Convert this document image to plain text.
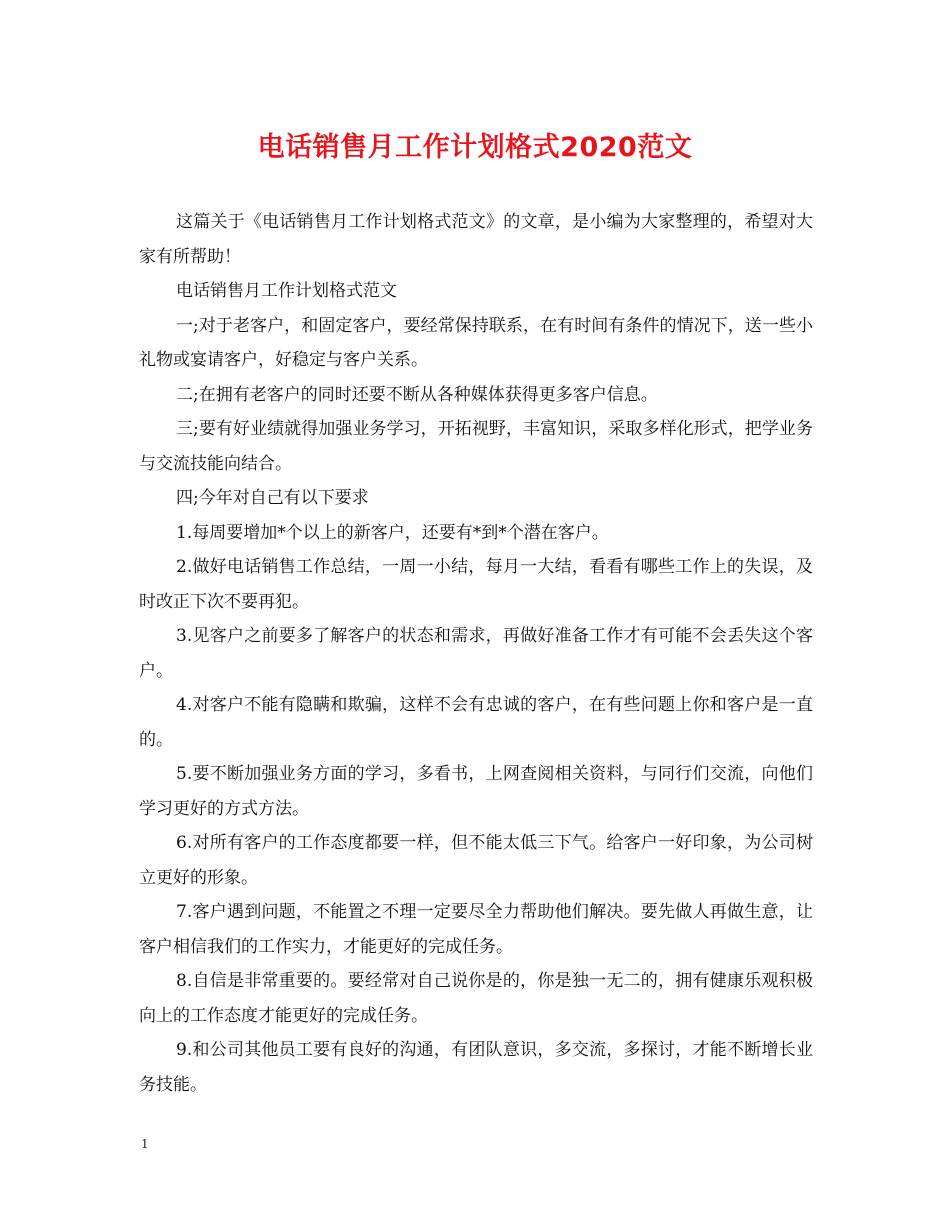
电话销售月工作计划格式2020范文

这篇关于《电话销售月工作计划格式范文》的文章，是小编为大家整理的，希望对大家有所帮助！

电话销售月工作计划格式范文

一;对于老客户，和固定客户，要经常保持联系，在有时间有条件的情况下，送一些小礼物或宴请客户，好稳定与客户关系。

二;在拥有老客户的同时还要不断从各种媒体获得更多客户信息。

三;要有好业绩就得加强业务学习，开拓视野，丰富知识，采取多样化形式，把学业务与交流技能向结合。

四;今年对自己有以下要求

1.每周要增加*个以上的新客户，还要有*到*个潜在客户。

2.做好电话销售工作总结，一周一小结，每月一大结，看看有哪些工作上的失误，及时改正下次不要再犯。

3.见客户之前要多了解客户的状态和需求，再做好准备工作才有可能不会丢失这个客户。

4.对客户不能有隐瞒和欺骗，这样不会有忠诚的客户，在有些问题上你和客户是一直的。

5.要不断加强业务方面的学习，多看书，上网查阅相关资料，与同行们交流，向他们学习更好的方式方法。

6.对所有客户的工作态度都要一样，但不能太低三下气。给客户一好印象，为公司树立更好的形象。

7.客户遇到问题，不能置之不理一定要尽全力帮助他们解决。要先做人再做生意，让客户相信我们的工作实力，才能更好的完成任务。

8.自信是非常重要的。要经常对自己说你是的，你是独一无二的，拥有健康乐观积极向上的工作态度才能更好的完成任务。

9.和公司其他员工要有良好的沟通，有团队意识，多交流，多探讨，才能不断增长业务技能。

1
